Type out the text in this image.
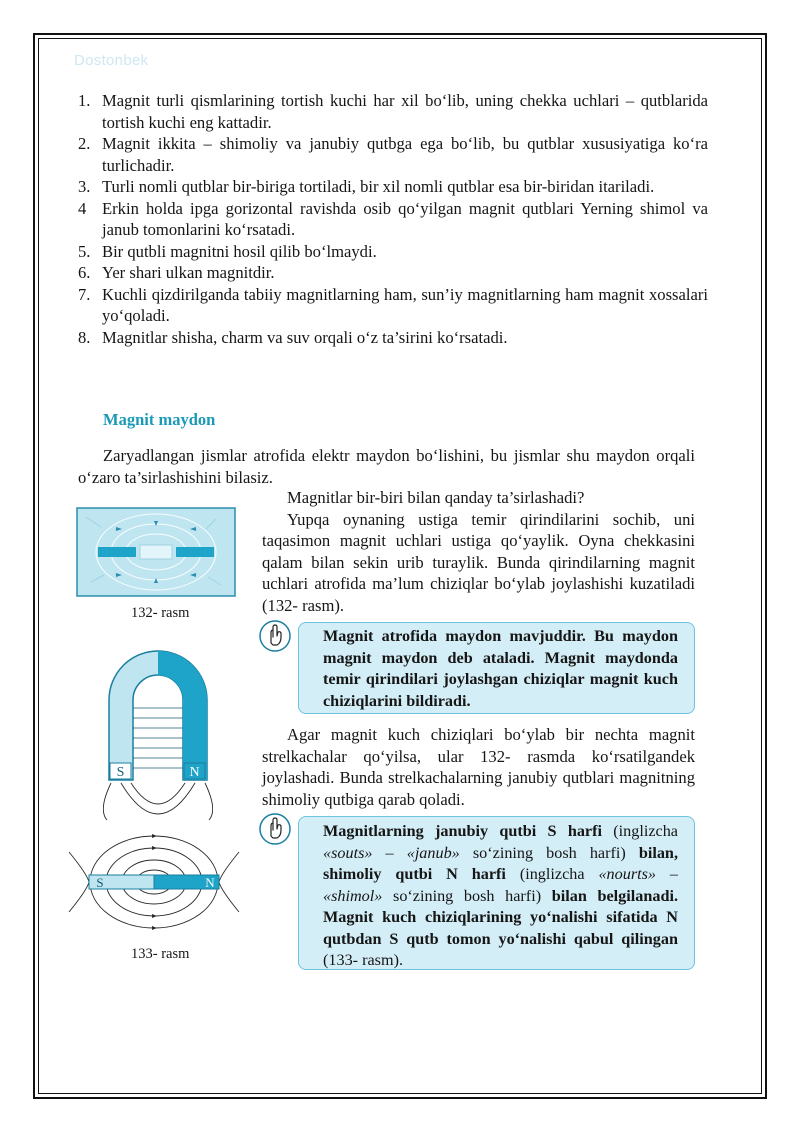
Dostonbek
1. Magnit turli qismlarining tortish kuchi har xil bo‘lib, uning chekka uchlari – qutblarida tortish kuchi eng kattadir.
2. Magnit ikkita – shimoliy va janubiy qutbga ega bo‘lib, bu qutblar xususiyatiga ko‘ra turlichadir.
3. Turli nomli qutblar bir-biriga tortiladi, bir xil nomli qutblar esa bir-biridan itariladi.
4 Erkin holda ipga gorizontal ravishda osib qo‘yilgan magnit qutblari Yerning shimol va janub tomonlarini ko‘rsatadi.
5. Bir qutbli magnitni hosil qilib bo‘lmaydi.
6. Yer shari ulkan magnitdir.
7. Kuchli qizdirilganda tabiiy magnitlarning ham, sun’iy magnitlarning ham magnit xossalari yo‘qoladi.
8. Magnitlar shisha, charm va suv orqali o‘z ta’sirini ko‘rsatadi.
Magnit maydon

Zaryadlangan jismlar atrofida elektr maydon bo‘lishini, bu jismlar shu maydon orqali o‘zaro ta’sirlashishini bilasiz.

Magnitlar bir-biri bilan qanday ta’sirlashadi?
Yupqa oynaning ustiga temir qirindilarini sochib, uni taqasimon magnit uchlari ustiga qo‘yaylik. Oyna chekkasini qalam bilan sekin urib turaylik. Bunda qirindilarning magnit uchlari atrofida ma’lum chiziqlar bo‘ylab joylashishi kuzatiladi (132- rasm).
132- rasm
S	N
S	N
133- rasm
Magnit atrofida maydon mavjuddir. Bu maydon magnit maydon deb ataladi. Magnit maydonda temir qirindilari joylashgan chiziqlar magnit kuch chiziqlarini bildiradi.
Agar magnit kuch chiziqlari bo‘ylab bir nechta magnit strelkachalar qo‘yilsa, ular 132- rasmda ko‘rsatilgandek joylashadi. Bunda strelkachalarning janubiy qutblari magnitning shimoliy qutbiga qarab qoladi.
Magnitlarning janubiy qutbi S harfi (inglizcha «souts» – «janub» so‘zining bosh harfi) bilan, shimoliy qutbi N harfi (inglizcha «nourts» – «shimol» so‘zining bosh harfi) bilan belgilanadi. Magnit kuch chiziqlarining yo‘nalishi sifatida N qutbdan S qutb tomon yo‘nalishi qabul qilingan (133- rasm).
